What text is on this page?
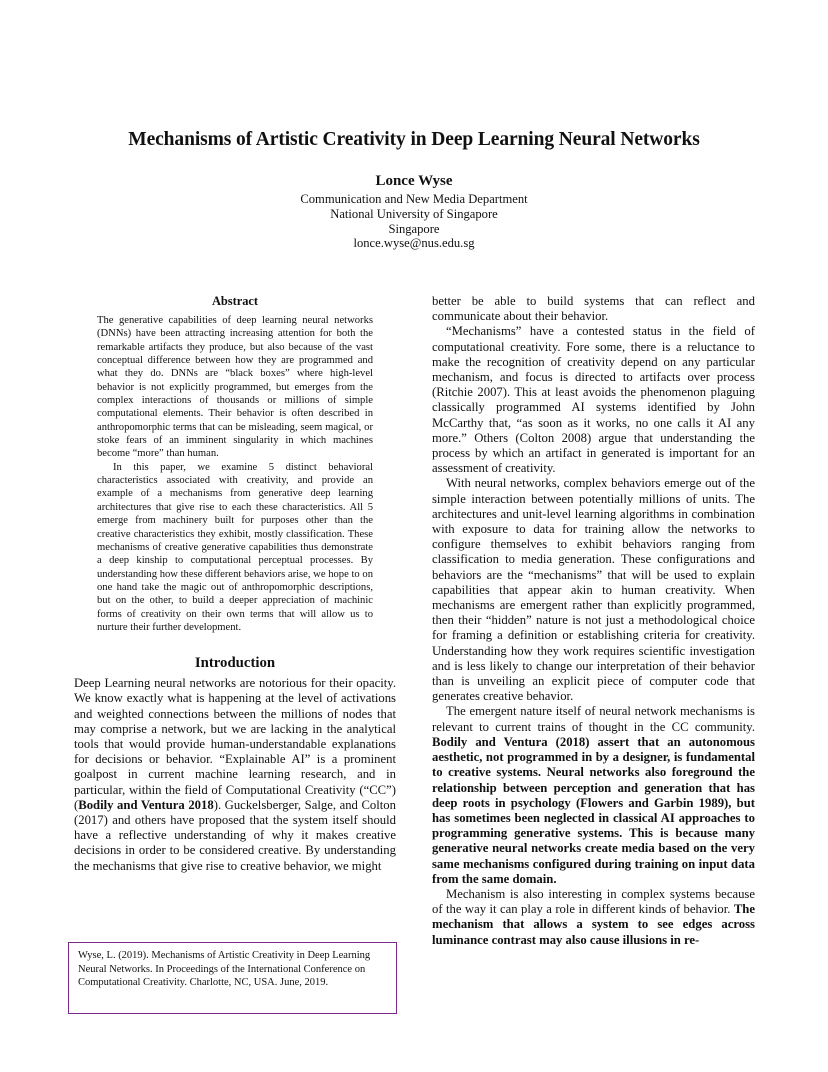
Mechanisms of Artistic Creativity in Deep Learning Neural Networks
Lonce Wyse
Communication and New Media Department
National University of Singapore
Singapore
lonce.wyse@nus.edu.sg
Abstract

The generative capabilities of deep learning neural networks (DNNs) have been attracting increasing attention for both the remarkable artifacts they produce, but also because of the vast conceptual difference between how they are programmed and what they do. DNNs are “black boxes” where high-level behavior is not explicitly programmed, but emerges from the complex interactions of thousands or millions of simple computational elements. Their behavior is often described in anthropomorphic terms that can be misleading, seem magical, or stoke fears of an imminent singularity in which machines become “more” than human.

In this paper, we examine 5 distinct behavioral characteristics associated with creativity, and provide an example of a mechanisms from generative deep learning architectures that give rise to each these characteristics. All 5 emerge from machinery built for purposes other than the creative characteristics they exhibit, mostly classification. These mechanisms of creative generative capabilities thus demonstrate a deep kinship to computational perceptual processes. By understanding how these different behaviors arise, we hope to on one hand take the magic out of anthropomorphic descriptions, but on the other, to build a deeper appreciation of machinic forms of creativity on their own terms that will allow us to nurture their further development.

Introduction

Deep Learning neural networks are notorious for their opacity. We know exactly what is happening at the level of activations and weighted connections between the millions of nodes that may comprise a network, but we are lacking in the analytical tools that would provide human-understandable explanations for decisions or behavior. “Explainable AI” is a prominent goalpost in current machine learning research, and in particular, within the field of Computational Creativity (“CC”) (Bodily and Ventura 2018). Guckelsberger, Salge, and Colton (2017) and others have proposed that the system itself should have a reflective understanding of why it makes creative decisions in order to be considered creative. By understanding the mechanisms that give rise to creative behavior, we might

better be able to build systems that can reflect and communicate about their behavior.

“Mechanisms” have a contested status in the field of computational creativity. Fore some, there is a reluctance to make the recognition of creativity depend on any particular mechanism, and focus is directed to artifacts over process (Ritchie 2007). This at least avoids the phenomenon plaguing classically programmed AI systems identified by John McCarthy that, “as soon as it works, no one calls it AI any more.” Others (Colton 2008) argue that understanding the process by which an artifact in generated is important for an assessment of creativity.

With neural networks, complex behaviors emerge out of the simple interaction between potentially millions of units. The architectures and unit-level learning algorithms in combination with exposure to data for training allow the networks to configure themselves to exhibit behaviors ranging from classification to media generation. These configurations and behaviors are the “mechanisms” that will be used to explain capabilities that appear akin to human creativity. When mechanisms are emergent rather than explicitly programmed, then their “hidden” nature is not just a methodological choice for framing a definition or establishing criteria for creativity. Understanding how they work requires scientific investigation and is less likely to change our interpretation of their behavior than is unveiling an explicit piece of computer code that generates creative behavior.

The emergent nature itself of neural network mechanisms is relevant to current trains of thought in the CC community. Bodily and Ventura (2018) assert that an autonomous aesthetic, not programmed in by a designer, is fundamental to creative systems. Neural networks also foreground the relationship between perception and generation that has deep roots in psychology (Flowers and Garbin 1989), but has sometimes been neglected in classical AI approaches to programming generative systems. This is because many generative neural networks create media based on the very same mechanisms configured during training on input data from the same domain.

Mechanism is also interesting in complex systems because of the way it can play a role in different kinds of behavior. The mechanism that allows a system to see edges across luminance contrast may also cause illusions in re-

Wyse, L. (2019). Mechanisms of Artistic Creativity in Deep Learning Neural Networks. In Proceedings of the International Conference on Computational Creativity. Charlotte, NC, USA. June, 2019.
